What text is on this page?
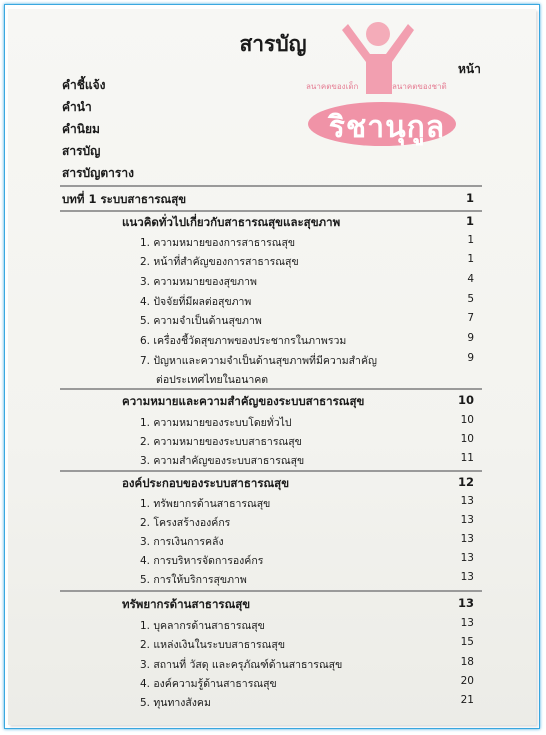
ลนาคตของเด็ก	ลนาคตของชาติ
ริชานุกูล
สารบัญ
หน้า
คำชี้แจ้ง
คำนำ
คำนิยม
สารบัญ
สารบัญตาราง
บทที่ 1 ระบบสาธารณสุข	1
แนวคิดทั่วไปเกี่ยวกับสาธารณสุขและสุขภาพ	1
1. ความหมายของการสาธารณสุข	1
2. หน้าที่สำคัญของการสาธารณสุข	1
3. ความหมายของสุขภาพ	4
4. ปัจจัยที่มีผลต่อสุขภาพ	5
5. ความจำเป็นด้านสุขภาพ	7
6. เครื่องชี้วัดสุขภาพของประชากรในภาพรวม	9
7. ปัญหาและความจำเป็นด้านสุขภาพที่มีความสำคัญ	9
ต่อประเทศไทยในอนาคต
ความหมายและความสำคัญของระบบสาธารณสุข	10
1. ความหมายของระบบโดยทั่วไป	10
2. ความหมายของระบบสาธารณสุข	10
3. ความสำคัญของระบบสาธารณสุข	11
องค์ประกอบของระบบสาธารณสุข	12
1. ทรัพยากรด้านสาธารณสุข	13
2. โครงสร้างองค์กร	13
3. การเงินการคลัง	13
4. การบริหารจัดการองค์กร	13
5. การให้บริการสุขภาพ	13
ทรัพยากรด้านสาธารณสุข	13
1. บุคลากรด้านสาธารณสุข	13
2. แหล่งเงินในระบบสาธารณสุข	15
3. สถานที่ วัสดุ และครุภัณฑ์ด้านสาธารณสุข	18
4. องค์ความรู้ด้านสาธารณสุข	20
5. ทุนทางสังคม	21
